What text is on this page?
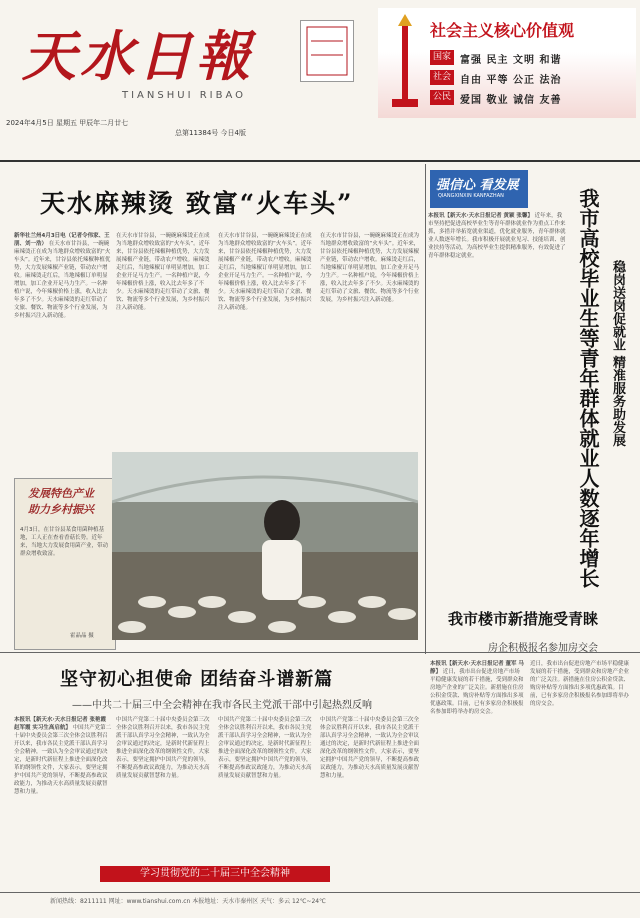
天水日報
TIANSHUI RIBAO
2024年4月5日 星期五 甲辰年二月廿七
总第11384号 今日4版
社会主义核心价值观
国家 富强 民主 文明 和谐
社会 自由 平等 公正 法治
公民 爱国 敬业 诚信 友善
天水麻辣烫 致富“火车头”
新华社兰州4月3日电（记者令伟家、王朋、刘一浩） 在天水市甘谷县，一碗碗麻辣烫正在成为当地群众增收致富的“火车头”。近年来，甘谷县依托辣椒种植优势，大力发展辣椒产业链，带动农户增收。麻辣烫走红后，当地辣椒订单明显增加，加工企业开足马力生产。一名种植户说，今年辣椒价格上涨，收入比去年多了不少。天水麻辣烫的走红带动了文旅、餐饮、物流等多个行业发展，为乡村振兴注入新动能。
在天水市甘谷县，一碗碗麻辣烫正在成为当地群众增收致富的“火车头”。近年来，甘谷县依托辣椒种植优势，大力发展辣椒产业链，带动农户增收。麻辣烫走红后，当地辣椒订单明显增加，加工企业开足马力生产。一名种植户说，今年辣椒价格上涨，收入比去年多了不少。天水麻辣烫的走红带动了文旅、餐饮、物流等多个行业发展，为乡村振兴注入新动能。
在天水市甘谷县，一碗碗麻辣烫正在成为当地群众增收致富的“火车头”。近年来，甘谷县依托辣椒种植优势，大力发展辣椒产业链，带动农户增收。麻辣烫走红后，当地辣椒订单明显增加，加工企业开足马力生产。一名种植户说，今年辣椒价格上涨，收入比去年多了不少。天水麻辣烫的走红带动了文旅、餐饮、物流等多个行业发展，为乡村振兴注入新动能。
在天水市甘谷县，一碗碗麻辣烫正在成为当地群众增收致富的“火车头”。近年来，甘谷县依托辣椒种植优势，大力发展辣椒产业链，带动农户增收。麻辣烫走红后，当地辣椒订单明显增加，加工企业开足马力生产。一名种植户说，今年辣椒价格上涨，收入比去年多了不少。天水麻辣烫的走红带动了文旅、餐饮、物流等多个行业发展，为乡村振兴注入新动能。
发展特色产业
助力乡村振兴
4月3日，在甘谷县某食用菌种植基地，工人正在查看香菇长势。近年来，当地大力发展食用菌产业，带动群众增收致富。
霍晶晶 摄
强信心 看发展
QIANGXINXIN KANFAZHAN
本报讯【新天水·天水日报记者 黄颖 张馨】 近年来，我市坚持把促进高校毕业生等青年群体就业作为重点工作来抓，多措并举拓宽就业渠道，优化就业服务，青年群体就业人数逐年增长。我市积极开展就业见习、技能培训、创业扶持等活动，为高校毕业生提供精准服务，有效促进了青年群体稳定就业。	我市高校毕业生等青年群体就业人数逐年增长 稳岗送岗促就业 精准服务助发展
坚守初心担使命 团结奋斗谱新篇
——中共二十届三中全会精神在我市各民主党派干部中引起热烈反响
本报讯【新天水·天水日报记者 张艳霞 赵军霞 实习生高启航】 中国共产党第二十届中央委员会第三次全体会议胜利召开以来，我市各民主党派干部认真学习全会精神，一致认为全会审议通过的决定，是新时代新征程上推进全面深化改革的纲领性文件，大家表示，要坚定拥护中国共产党的领导，不断提高参政议政能力，为推动天水高质量发展贡献智慧和力量。
中国共产党第二十届中央委员会第三次全体会议胜利召开以来，我市各民主党派干部认真学习全会精神，一致认为全会审议通过的决定，是新时代新征程上推进全面深化改革的纲领性文件，大家表示，要坚定拥护中国共产党的领导，不断提高参政议政能力，为推动天水高质量发展贡献智慧和力量。
中国共产党第二十届中央委员会第三次全体会议胜利召开以来，我市各民主党派干部认真学习全会精神，一致认为全会审议通过的决定，是新时代新征程上推进全面深化改革的纲领性文件，大家表示，要坚定拥护中国共产党的领导，不断提高参政议政能力，为推动天水高质量发展贡献智慧和力量。
中国共产党第二十届中央委员会第三次全体会议胜利召开以来，我市各民主党派干部认真学习全会精神，一致认为全会审议通过的决定，是新时代新征程上推进全面深化改革的纲领性文件，大家表示，要坚定拥护中国共产党的领导，不断提高参政议政能力，为推动天水高质量发展贡献智慧和力量。
学习贯彻党的二十届三中全会精神
我市楼市新措施受青睐
房企积极报名参加房交会
本报讯【新天水·天水日报记者 董军 马静】 近日，我市出台促进房地产市场平稳健康发展的若干措施，受到群众和房地产企业的广泛关注。新措施在住房公积金贷款、购房补贴等方面推出多项优惠政策。目前，已有多家房企积极报名参加即将举办的房交会。
近日，我市出台促进房地产市场平稳健康发展的若干措施，受到群众和房地产企业的广泛关注。新措施在住房公积金贷款、购房补贴等方面推出多项优惠政策。目前，已有多家房企积极报名参加即将举办的房交会。
新闻热线：8211111 网址：www.tianshui.com.cn 本报地址：天水市秦州区 天气：多云 12℃~24℃
